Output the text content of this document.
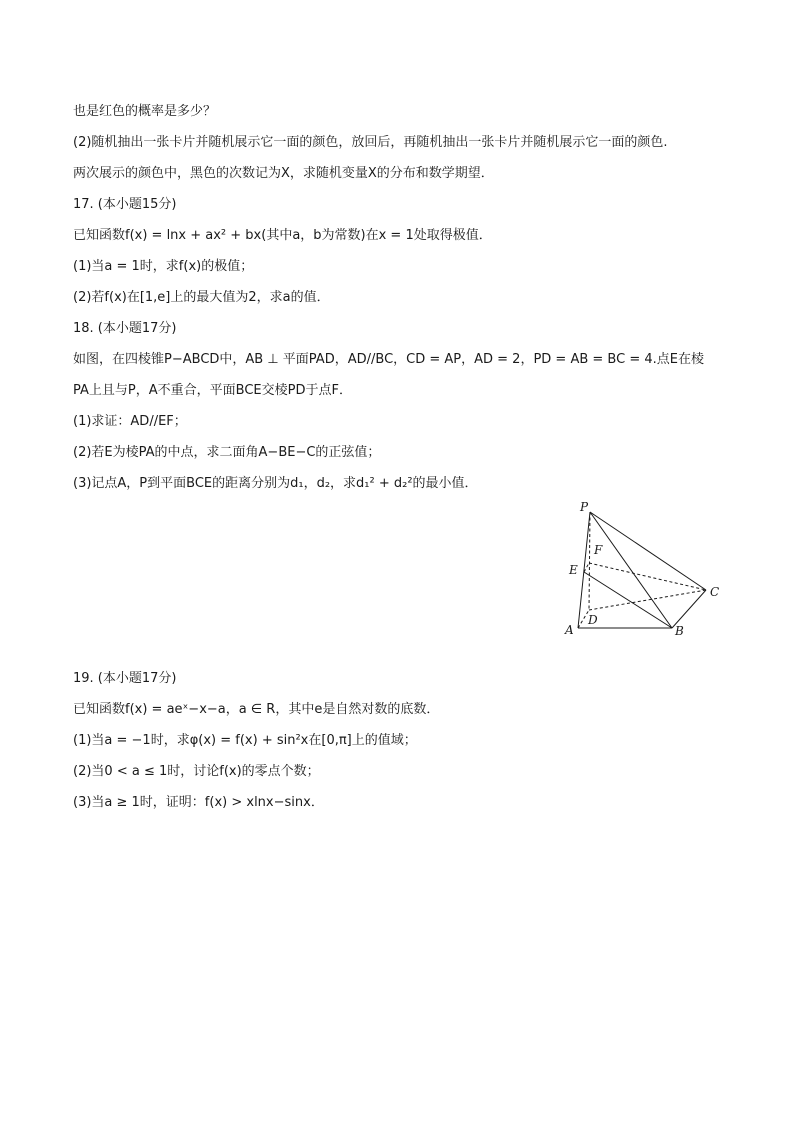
也是红色的概率是多少？

(2)随机抽出一张卡片并随机展示它一面的颜色，放回后，再随机抽出一张卡片并随机展示它一面的颜色.

两次展示的颜色中，黑色的次数记为X，求随机变量X的分布和数学期望．

17. (本小题15分)

已知函数f(x) = lnx + ax² + bx(其中a，b为常数)在x = 1处取得极值．

(1)当a = 1时，求f(x)的极值；

(2)若f(x)在[1,e]上的最大值为2，求a的值．

18. (本小题17分)

如图，在四棱锥P−ABCD中，AB ⊥ 平面PAD，AD//BC，CD = AP，AD = 2，PD = AB = BC = 4.点E在棱

PA上且与P，A不重合，平面BCE交棱PD于点F．

(1)求证：AD//EF；

(2)若E为棱PA的中点，求二面角A−BE−C的正弦值；

(3)记点A，P到平面BCE的距离分别为d₁，d₂，求d₁² + d₂²的最小值．

P
F
E
C
A
D
B

19. (本小题17分)

已知函数f(x) = aeˣ−x−a，a ∈ R，其中e是自然对数的底数．

(1)当a = −1时，求φ(x) = f(x) + sin²x在[0,π]上的值域；

(2)当0 < a ≤ 1时，讨论f(x)的零点个数；

(3)当a ≥ 1时，证明：f(x) > xlnx−sinx．
